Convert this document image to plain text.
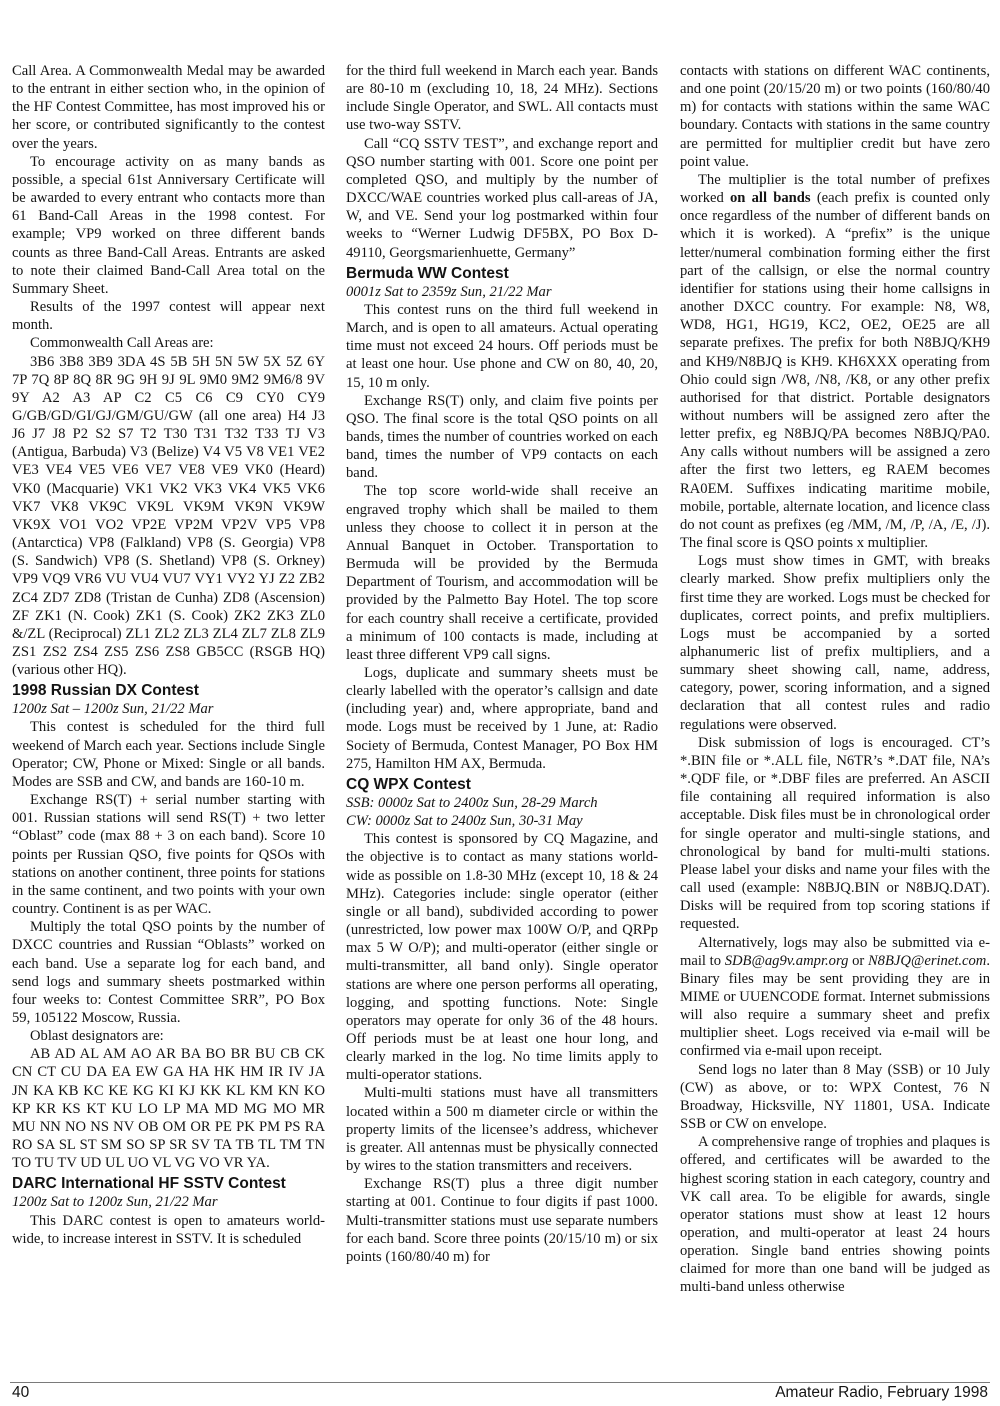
Call Area. A Commonwealth Medal may be awarded to the entrant in either section who, in the opinion of the HF Contest Committee, has most improved his or her score, or contributed significantly to the contest over the years.

To encourage activity on as many bands as possible, a special 61st Anniversary Certificate will be awarded to every entrant who contacts more than 61 Band-Call Areas in the 1998 contest. For example; VP9 worked on three different bands counts as three Band-Call Areas. Entrants are asked to note their claimed Band-Call Area total on the Summary Sheet.

Results of the 1997 contest will appear next month.

Commonwealth Call Areas are:

3B6 3B8 3B9 3DA 4S 5B 5H 5N 5W 5X 5Z 6Y 7P 7Q 8P 8Q 8R 9G 9H 9J 9L 9M0 9M2 9M6/8 9V 9Y A2 A3 AP C2 C5 C6 C9 CY0 CY9 G/GB/GD/GI/GJ/GM/GU/GW (all one area) H4 J3 J6 J7 J8 P2 S2 S7 T2 T30 T31 T32 T33 TJ V3 (Antigua, Barbuda) V3 (Belize) V4 V5 V8 VE1 VE2 VE3 VE4 VE5 VE6 VE7 VE8 VE9 VK0 (Heard) VK0 (Macquarie) VK1 VK2 VK3 VK4 VK5 VK6 VK7 VK8 VK9C VK9L VK9M VK9N VK9W VK9X VO1 VO2 VP2E VP2M VP2V VP5 VP8 (Antarctica) VP8 (Falkland) VP8 (S. Georgia) VP8 (S. Sandwich) VP8 (S. Shetland) VP8 (S. Orkney) VP9 VQ9 VR6 VU VU4 VU7 VY1 VY2 YJ Z2 ZB2 ZC4 ZD7 ZD8 (Tristan de Cunha) ZD8 (Ascension) ZF ZK1 (N. Cook) ZK1 (S. Cook) ZK2 ZK3 ZL0 &/ZL (Reciprocal) ZL1 ZL2 ZL3 ZL4 ZL7 ZL8 ZL9 ZS1 ZS2 ZS4 ZS5 ZS6 ZS8 GB5CC (RSGB HQ) (various other HQ).

1998 Russian DX Contest

1200z Sat – 1200z Sun, 21/22 Mar

This contest is scheduled for the third full weekend of March each year. Sections include Single Operator; CW, Phone or Mixed: Single or all bands. Modes are SSB and CW, and bands are 160-10 m.

Exchange RS(T) + serial number starting with 001. Russian stations will send RS(T) + two letter “Oblast” code (max 88 + 3 on each band). Score 10 points per Russian QSO, five points for QSOs with stations on another continent, three points for stations in the same continent, and two points with your own country. Continent is as per WAC.

Multiply the total QSO points by the number of DXCC countries and Russian “Oblasts” worked on each band. Use a separate log for each band, and send logs and summary sheets postmarked within four weeks to: Contest Committee SRR”, PO Box 59, 105122 Moscow, Russia.

Oblast designators are:

AB AD AL AM AO AR BA BO BR BU CB CK CN CT CU DA EA EW GA HA HK HM IR IV JA JN KA KB KC KE KG KI KJ KK KL KM KN KO KP KR KS KT KU LO LP MA MD MG MO MR MU NN NO NS NV OB OM OR PE PK PM PS RA RO SA SL ST SM SO SP SR SV TA TB TL TM TN TO TU TV UD UL UO VL VG VO VR YA.

DARC International HF SSTV Contest

1200z Sat to 1200z Sun, 21/22 Mar

This DARC contest is open to amateurs world-wide, to increase interest in SSTV. It is scheduled

for the third full weekend in March each year. Bands are 80-10 m (excluding 10, 18, 24 MHz). Sections include Single Operator, and SWL. All contacts must use two-way SSTV.

Call “CQ SSTV TEST”, and exchange report and QSO number starting with 001. Score one point per completed QSO, and multiply by the number of DXCC/WAE countries worked plus call-areas of JA, W, and VE. Send your log postmarked within four weeks to “Werner Ludwig DF5BX, PO Box D-49110, Georgsmarienhuette, Germany”

Bermuda WW Contest

0001z Sat to 2359z Sun, 21/22 Mar

This contest runs on the third full weekend in March, and is open to all amateurs. Actual operating time must not exceed 24 hours. Off periods must be at least one hour. Use phone and CW on 80, 40, 20, 15, 10 m only.

Exchange RS(T) only, and claim five points per QSO. The final score is the total QSO points on all bands, times the number of countries worked on each band, times the number of VP9 contacts on each band.

The top score world-wide shall receive an engraved trophy which shall be mailed to them unless they choose to collect it in person at the Annual Banquet in October. Transportation to Bermuda will be provided by the Bermuda Department of Tourism, and accommodation will be provided by the Palmetto Bay Hotel. The top score for each country shall receive a certificate, provided a minimum of 100 contacts is made, including at least three different VP9 call signs.

Logs, duplicate and summary sheets must be clearly labelled with the operator’s callsign and date (including year) and, where appropriate, band and mode. Logs must be received by 1 June, at: Radio Society of Bermuda, Contest Manager, PO Box HM 275, Hamilton HM AX, Bermuda.

CQ WPX Contest

SSB: 0000z Sat to 2400z Sun, 28-29 March

CW: 0000z Sat to 2400z Sun, 30-31 May

This contest is sponsored by CQ Magazine, and the objective is to contact as many stations world-wide as possible on 1.8-30 MHz (except 10, 18 & 24 MHz). Categories include: single operator (either single or all band), subdivided according to power (unrestricted, low power max 100W O/P, and QRPp max 5 W O/P); and multi-operator (either single or multi-transmitter, all band only). Single operator stations are where one person performs all operating, logging, and spotting functions. Note: Single operators may operate for only 36 of the 48 hours. Off periods must be at least one hour long, and clearly marked in the log. No time limits apply to multi-operator stations.

Multi-multi stations must have all transmitters located within a 500 m diameter circle or within the property limits of the licensee’s address, whichever is greater. All antennas must be physically connected by wires to the station transmitters and receivers.

Exchange RS(T) plus a three digit number starting at 001. Continue to four digits if past 1000. Multi-transmitter stations must use separate numbers for each band. Score three points (20/15/10 m) or six points (160/80/40 m) for

contacts with stations on different WAC continents, and one point (20/15/20 m) or two points (160/80/40 m) for contacts with stations within the same WAC boundary. Contacts with stations in the same country are permitted for multiplier credit but have zero point value.

The multiplier is the total number of prefixes worked on all bands (each prefix is counted only once regardless of the number of different bands on which it is worked). A “prefix” is the unique letter/numeral combination forming either the first part of the callsign, or else the normal country identifier for stations using their home callsigns in another DXCC country. For example: N8, W8, WD8, HG1, HG19, KC2, OE2, OE25 are all separate prefixes. The prefix for both N8BJQ/KH9 and KH9/N8BJQ is KH9. KH6XXX operating from Ohio could sign /W8, /N8, /K8, or any other prefix authorised for that district. Portable designators without numbers will be assigned zero after the letter prefix, eg N8BJQ/PA becomes N8BJQ/PA0. Any calls without numbers will be assigned a zero after the first two letters, eg RAEM becomes RA0EM. Suffixes indicating maritime mobile, mobile, portable, alternate location, and licence class do not count as prefixes (eg /MM, /M, /P, /A, /E, /J). The final score is QSO points x multiplier.

Logs must show times in GMT, with breaks clearly marked. Show prefix multipliers only the first time they are worked. Logs must be checked for duplicates, correct points, and prefix multipliers. Logs must be accompanied by a sorted alphanumeric list of prefix multipliers, and a summary sheet showing call, name, address, category, power, scoring information, and a signed declaration that all contest rules and radio regulations were observed.

Disk submission of logs is encouraged. CT’s *.BIN file or *.ALL file, N6TR’s *.DAT file, NA’s *.QDF file, or *.DBF files are preferred. An ASCII file containing all required information is also acceptable. Disk files must be in chronological order for single operator and multi-single stations, and chronological by band for multi-multi stations. Please label your disks and name your files with the call used (example: N8BJQ.BIN or N8BJQ.DAT). Disks will be required from top scoring stations if requested.

Alternatively, logs may also be submitted via e-mail to SDB@ag9v.ampr.org or N8BJQ@erinet.com. Binary files may be sent providing they are in MIME or UUENCODE format. Internet submissions will also require a summary sheet and prefix multiplier sheet. Logs received via e-mail will be confirmed via e-mail upon receipt.

Send logs no later than 8 May (SSB) or 10 July (CW) as above, or to: WPX Contest, 76 N Broadway, Hicksville, NY 11801, USA. Indicate SSB or CW on envelope.

A comprehensive range of trophies and plaques is offered, and certificates will be awarded to the highest scoring station in each category, country and VK call area. To be eligible for awards, single operator stations must show at least 12 hours operation, and multi-operator at least 24 hours operation. Single band entries showing points claimed for more than one band will be judged as multi-band unless otherwise

40	Amateur Radio, February 1998
